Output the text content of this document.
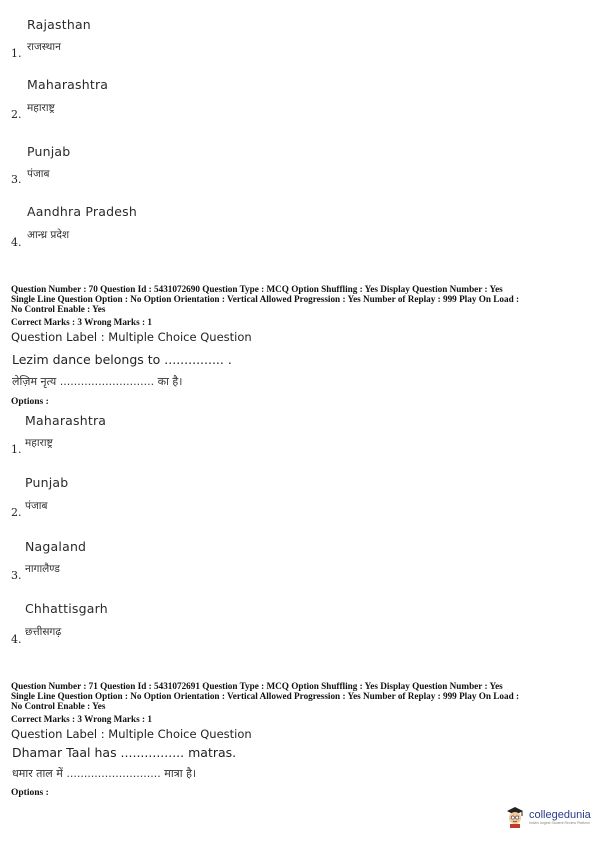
Rajasthan
1. राजस्थान
Maharashtra
2. महाराष्ट्र
Punjab
3. पंजाब
Aandhra Pradesh
4.
आन्ध्र प्रदेश
Question Number : 70 Question Id : 5431072690 Question Type : MCQ Option Shuffling : Yes Display Question Number : Yes
Single Line Question Option : No Option Orientation : Vertical Allowed Progression : Yes Number of Replay : 999 Play On Load :
No Control Enable : Yes
Correct Marks : 3 Wrong Marks : 1
Question Label : Multiple Choice Question
Lezim dance belongs to ............... .
लेज़िम नृत्य ........................... का है।
Options :
Maharashtra
1. महाराष्ट्र
Punjab
2. पंजाब
Nagaland
3. नागालैण्ड
Chhattisgarh
4.
छत्तीसगढ़
Question Number : 71 Question Id : 5431072691 Question Type : MCQ Option Shuffling : Yes Display Question Number : Yes
Single Line Question Option : No Option Orientation : Vertical Allowed Progression : Yes Number of Replay : 999 Play On Load :
No Control Enable : Yes
Correct Marks : 3 Wrong Marks : 1
Question Label : Multiple Choice Question
Dhamar Taal has ................ matras.
धमार ताल में ........................... मात्रा है।
Options :
collegedunia
India's largest Student Review Platform
